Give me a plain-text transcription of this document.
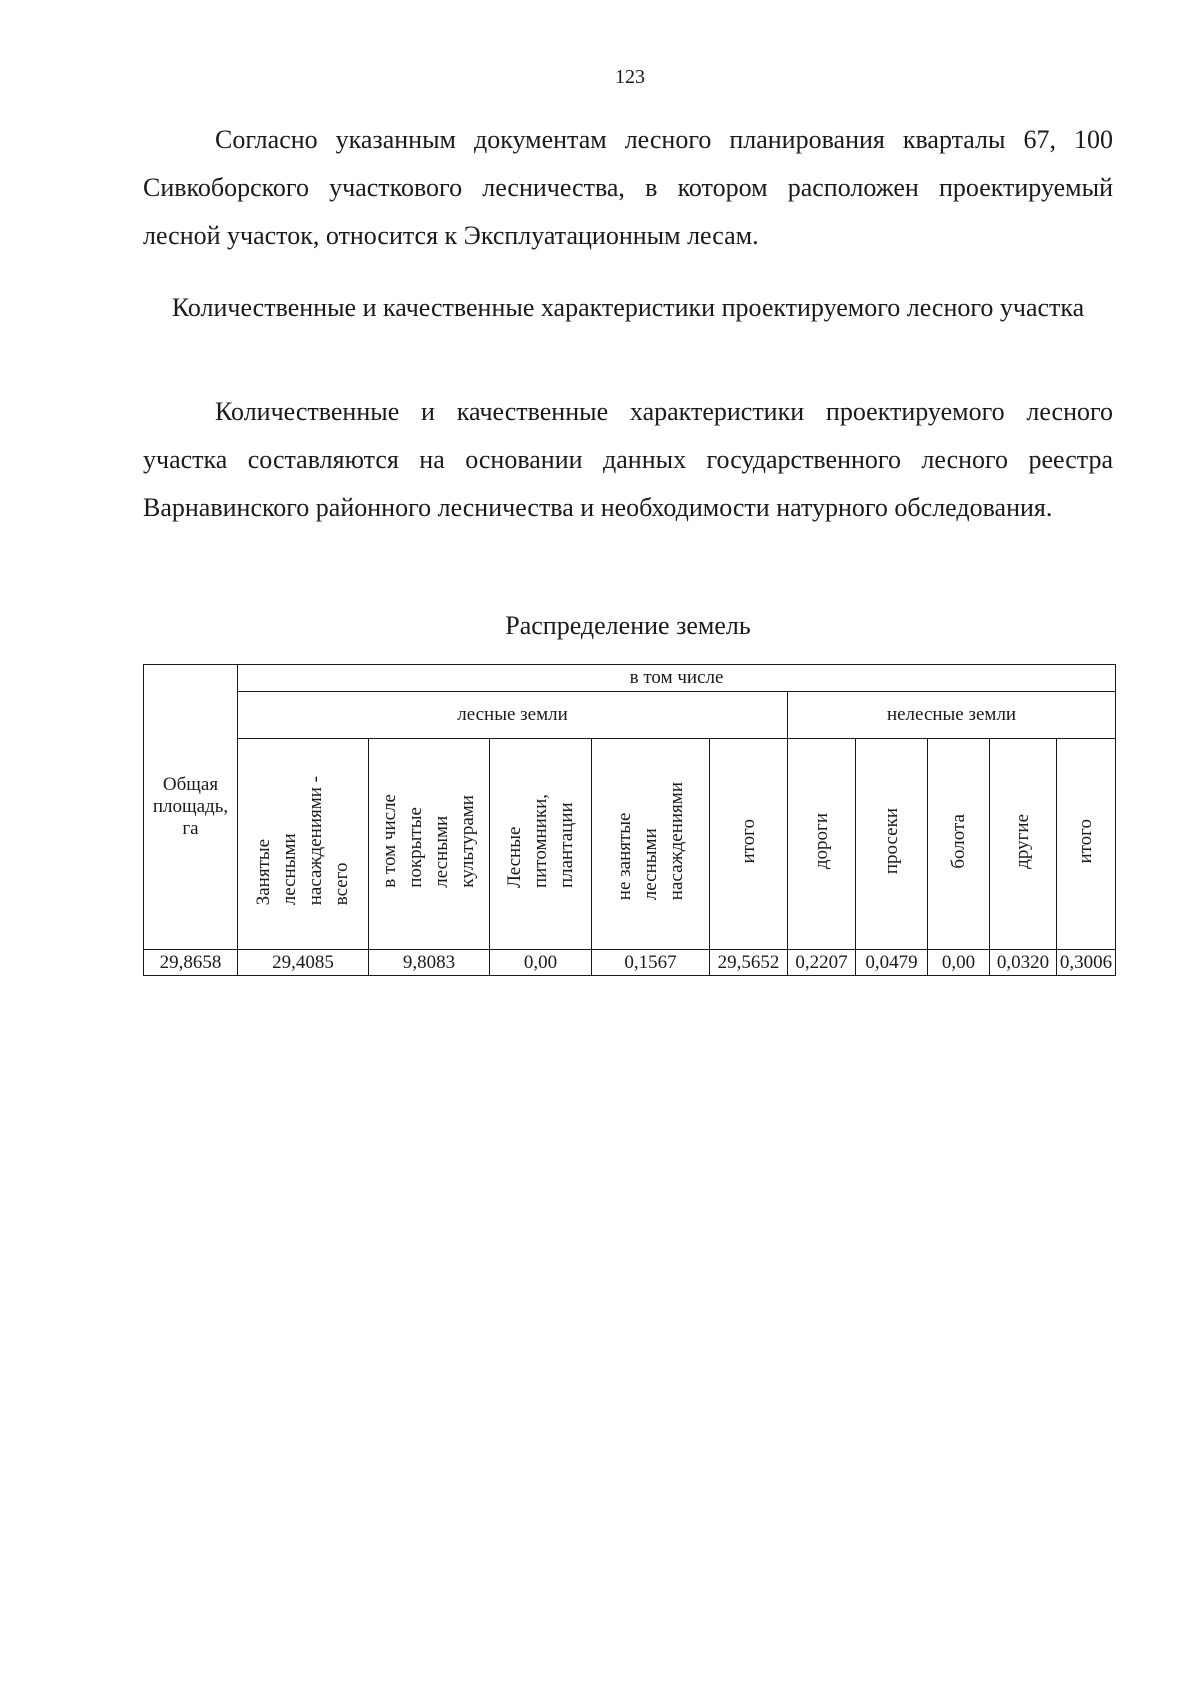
123

Согласно указанным документам лесного планирования кварталы 67, 100 Сивкоборского участкового лесничества, в котором расположен проектируемый лесной участок, относится к Эксплуатационным лесам.

Количественные и качественные характеристики проектируемого лесного участка

Количественные и качественные характеристики проектируемого лесного участка составляются на основании данных государственного лесного реестра Варнавинского районного лесничества и необходимости натурного обследования.

Распределение земель
Общая площадь, га	в том числе									
	лесные земли					нелесные земли				
	Занятые
лесными
насаждениями -
всего	в том числе
покрытые
лесными
культурами	Лесные
питомники,
плантации	не занятые
лесными
насаждениями	итого	дороги	просеки	болота	другие	итого
29,8658	29,4085	9,8083	0,00	0,1567	29,5652	0,2207	0,0479	0,00	0,0320	0,3006
